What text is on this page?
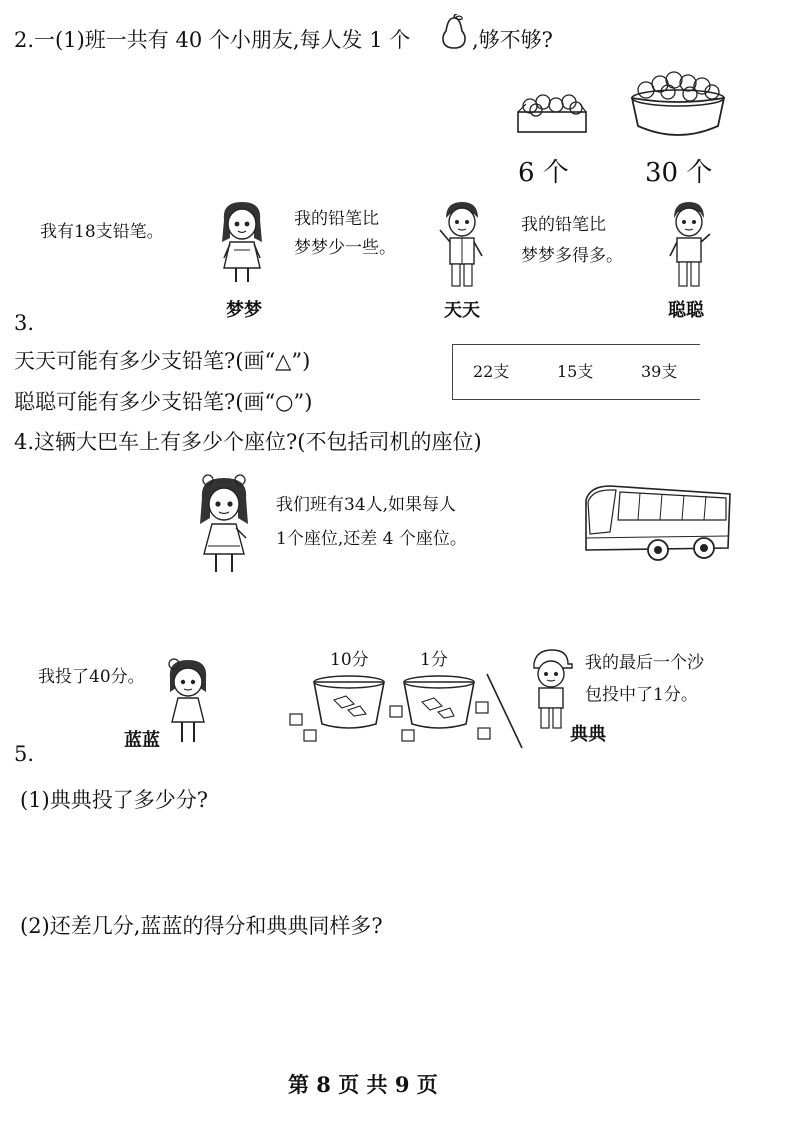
2.一(1)班一共有 40 个小朋友,每人发 1 个	,够不够?
6 个	30 个
我有18支铅笔。
我的铅笔比
梦梦少一些。
我的铅笔比
梦梦多得多。
梦梦	天天	聪聪
3.
天天可能有多少支铅笔?(画“△”)
聪聪可能有多少支铅笔?(画“○”)
22支	15支	39支
4.这辆大巴车上有多少个座位?(不包括司机的座位)
我们班有34人,如果每人
1个座位,还差 4 个座位。
我投了40分。
蓝蓝
10分	1分	我的最后一个沙
包投中了1分。
典典
5.
(1)典典投了多少分?
(2)还差几分,蓝蓝的得分和典典同样多?
第 8 页 共 9 页
